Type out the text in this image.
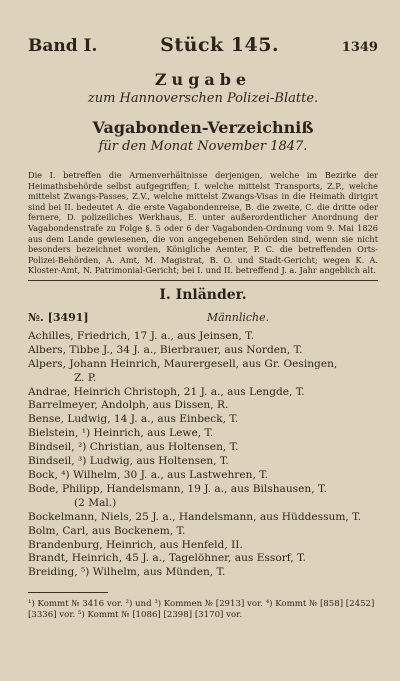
Band I.	Stück 145.	1349
Zugabe
zum Hannoverschen Polizei-Blatte.
Vagabonden-Verzeichniß
für den Monat November 1847.
Die I. betreffen die Armenverhältnisse derjenigen, welche im Bezirke der Heimathsbehörde selbst aufgegriffen; I. welche mittelst Transports, Z.P., welche mittelst Zwangs-Passes, Z.V., welche mittelst Zwangs-Visas in die Heimath dirigirt sind bei II. bedeutet A. die erste Vagabondenreise, B. die zweite, C. die dritte oder fernere, D. polizeiliches Werkhaus, E. unter außerordentlicher Anordnung der Vagabondenstrafe zu Folge §. 5 oder 6 der Vagabonden-Ordnung vom 9. Mai 1826 aus dem Lande gewiesenen, die von angegebenen Behörden sind, wenn sie nicht besonders bezeichnet worden, Königliche Aemter, P. C. die betreffenden Orts-Polizei-Behörden, A. Amt, M. Magistrat, B. O. und Stadt-Gericht; wegen K. A. Kloster-Amt, N. Patrimonial-Gericht; bei I. und II. betreffend J. a. Jahr angeblich alt.
I. Inländer.
№. [3491]	Männliche.
Achilles, Friedrich, 17 J. a., aus Jeinsen, T.
Albers, Tibbe J., 34 J. a., Bierbrauer, aus Norden, T.
Alpers, Johann Heinrich, Maurergesell, aus Gr. Oesingen,
Z. P.
Andrae, Heinrich Christoph, 21 J. a., aus Lengde, T.
Barrelmeyer, Andolph, aus Dissen, R.
Bense, Ludwig, 14 J. a., aus Einbeck, T.
Bielstein, ¹) Heinrich, aus Lewe, T.
Bindseil, ²) Christian, aus Holtensen, T.
Bindseil, ³) Ludwig, aus Holtensen, T.
Bock, ⁴) Wilhelm, 30 J. a., aus Lastwehren, T.
Bode, Philipp, Handelsmann, 19 J. a., aus Bilshausen, T.
(2 Mal.)
Bockelmann, Niels, 25 J. a., Handelsmann, aus Hüddessum, T.
Bolm, Carl, aus Bockenem, T.
Brandenburg, Heinrich, aus Henfeld, II.
Brandt, Heinrich, 45 J. a., Tagelöhner, aus Essorf, T.
Breiding, ⁵) Wilhelm, aus Münden, T.
¹) Kommt № 3416 vor. ²) und ³) Kommen № [2913] vor. ⁴) Kommt № [858] [2452] [3336] vor. ⁵) Kommt № [1086] [2398] [3170] vor.
